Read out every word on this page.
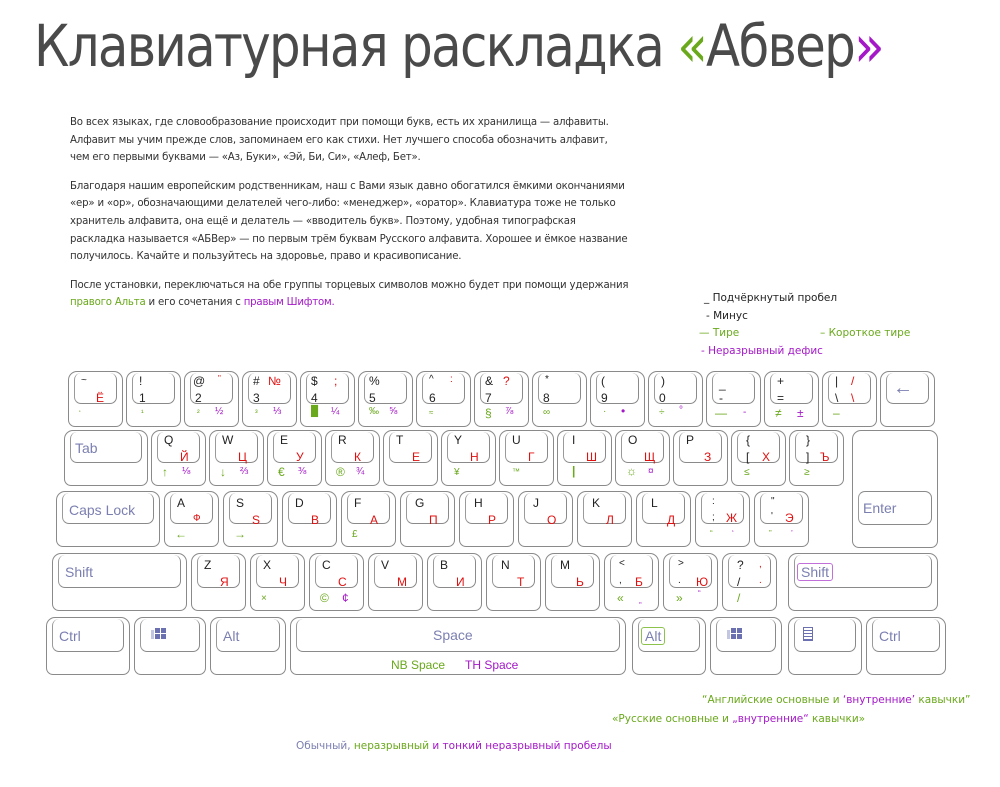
Клавиатурная раскладка «Абвер»

Во всех языках, где словообразование происходит при помощи букв, есть их хранилища — алфавиты. Алфавит мы учим прежде слов, запоминаем его как стихи. Нет лучшего способа обозначить алфавит, чем его первыми буквами — «Аз, Буки», «Эй, Би, Си», «Алеф, Бет».

Благодаря нашим европейским родственникам, наш с Вами язык давно обогатился ёмкими окончаниями «ер» и «ор», обозначающими делателей чего-либо: «менеджер», «оратор». Клавиатура тоже не только хранитель алфавита, она ещё и делатель — «вводитель букв». Поэтому, удобная типографская раскладка называется «АБВер» — по первым трём буквам Русского алфавита. Хорошее и ёмкое название получилось. Качайте и пользуйтесь на здоровье, право и красивописание.

После установки, переключаться на обе группы торцевых символов можно будет при помощи удержания правого Альта и его сочетания с правым Шифтом.	_ Подчёркнутый пробел
- Минус
— Тире	– Короткое тире
- Неразрывный дефис
~
Ё
ʻ
!
1
¹
@ "
2
² ½
# №
3
³ ⅓
$ ;
4
█ ¼
%
5
‰ ⅝
^ :
6
≈
& ?
7
§ ⅞
*
8
∞
(
9
· •
)
0
÷ °
_
-
— -
+
=
≠ ±
| /
\ \
–
←
Tab	Q
Й
↑ ⅛
W
Ц
↓ ⅔
E
У
€ ⅜
R
К
® ¾
T
Е
Y
Н
¥
U
Г
™
I
Ш
|
O
Щ
☼ ¤
P
З
{
[ Х
≤
}
] Ъ
≥
Enter
Caps Lock	A
Ф
←
S
Ѕ
→
D
В
F
А
£
G
П
H
Р
J
О
K
Л
L
Д
:
; Ж
“ ‘
"
' Э
” ’
Shift	Z
Я
X
Ч
×
C
С
© ¢
V
М
B
И
N
Т
M
Ь
<
, Б
« „
>
. Ю
» “
? ,
/ .
/
Shift
Ctrl	Alt	Space
NB Space TH Space
Alt	Ctrl
“Английские основные и ‘внутренние’ кавычки”
«Русские основные и „внутренние“ кавычки»
Обычный, неразрывный и тонкий неразрывный пробелы
